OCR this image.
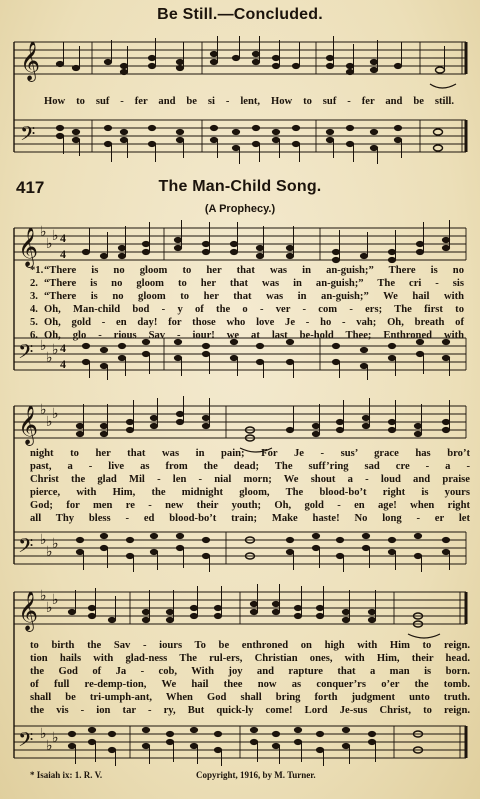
Be Still.—Concluded.
𝄞
𝄢
How to suf - fer and be si - lent, How to suf - fer and be still.
417	The Man-Child Song.
(A Prophecy.)
𝄞
𝄢
♭
♭ ♭
♭
♭ ♭
4
4
4
4
*1. “There is no gloom to her that was in an-guish;” There is no
2. “There is no gloom to her that was in an-guish;” The cri - sis
3. “There is no gloom to her that was in an-guish;” We hail with
4. Oh, Man-child bod - y of the o - ver - com - ers; The first to
5. Oh, gold - en day! for those who love Je - ho - vah; Oh, breath of
6. Oh, glo - rious Sav - iour! we at last be-hold Thee; Enthroned with
𝄞
𝄢
♭
♭ ♭
♭
♭ ♭
night to her that was in pain; For Je - sus’ grace has bro’t
past, a - live as from the dead; The suff’ring sad cre - a -
Christ the glad Mil - len - nial morn; We shout a - loud and praise
pierce, with Him, the midnight gloom, The blood-bo’t right is yours
God; for men re - new their youth; Oh, gold - en age! when right
all Thy bless - ed blood-bo’t train; Make haste! No long - er let
𝄞
𝄢
♭
♭ ♭
♭
♭ ♭
to birth the Sav - iours To be enthroned on high with Him to reign.
tion hails with glad-ness The rul-ers, Christian ones, with Him, their head.
the God of Ja - cob, With joy and rapture that a man is born.
of full re-demp-tion, We hail thee now as conquer’rs o’er the tomb.
shall be tri-umph-ant, When God shall bring forth judgment unto truth.
the vis - ion tar - ry, But quick-ly come! Lord Je-sus Christ, to reign.
* Isaiah ix: 1. R. V.	Copyright, 1916, by M. Turner.
